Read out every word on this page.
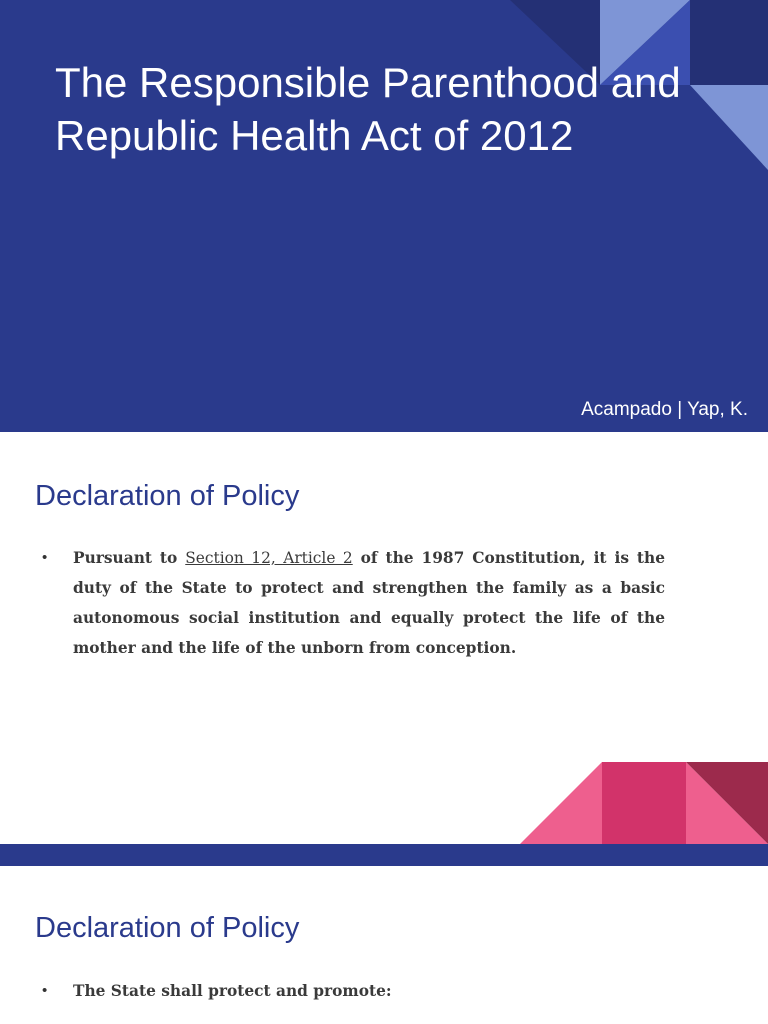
The Responsible Parenthood and Republic Health Act of 2012
Acampado | Yap, K.
Declaration of Policy
•	Pursuant to Section 12, Article 2 of the 1987 Constitution, it is the duty of the State to protect and strengthen the family as a basic autonomous social institution and equally protect the life of the mother and the life of the unborn from conception.
Declaration of Policy
•	The State shall protect and promote:
